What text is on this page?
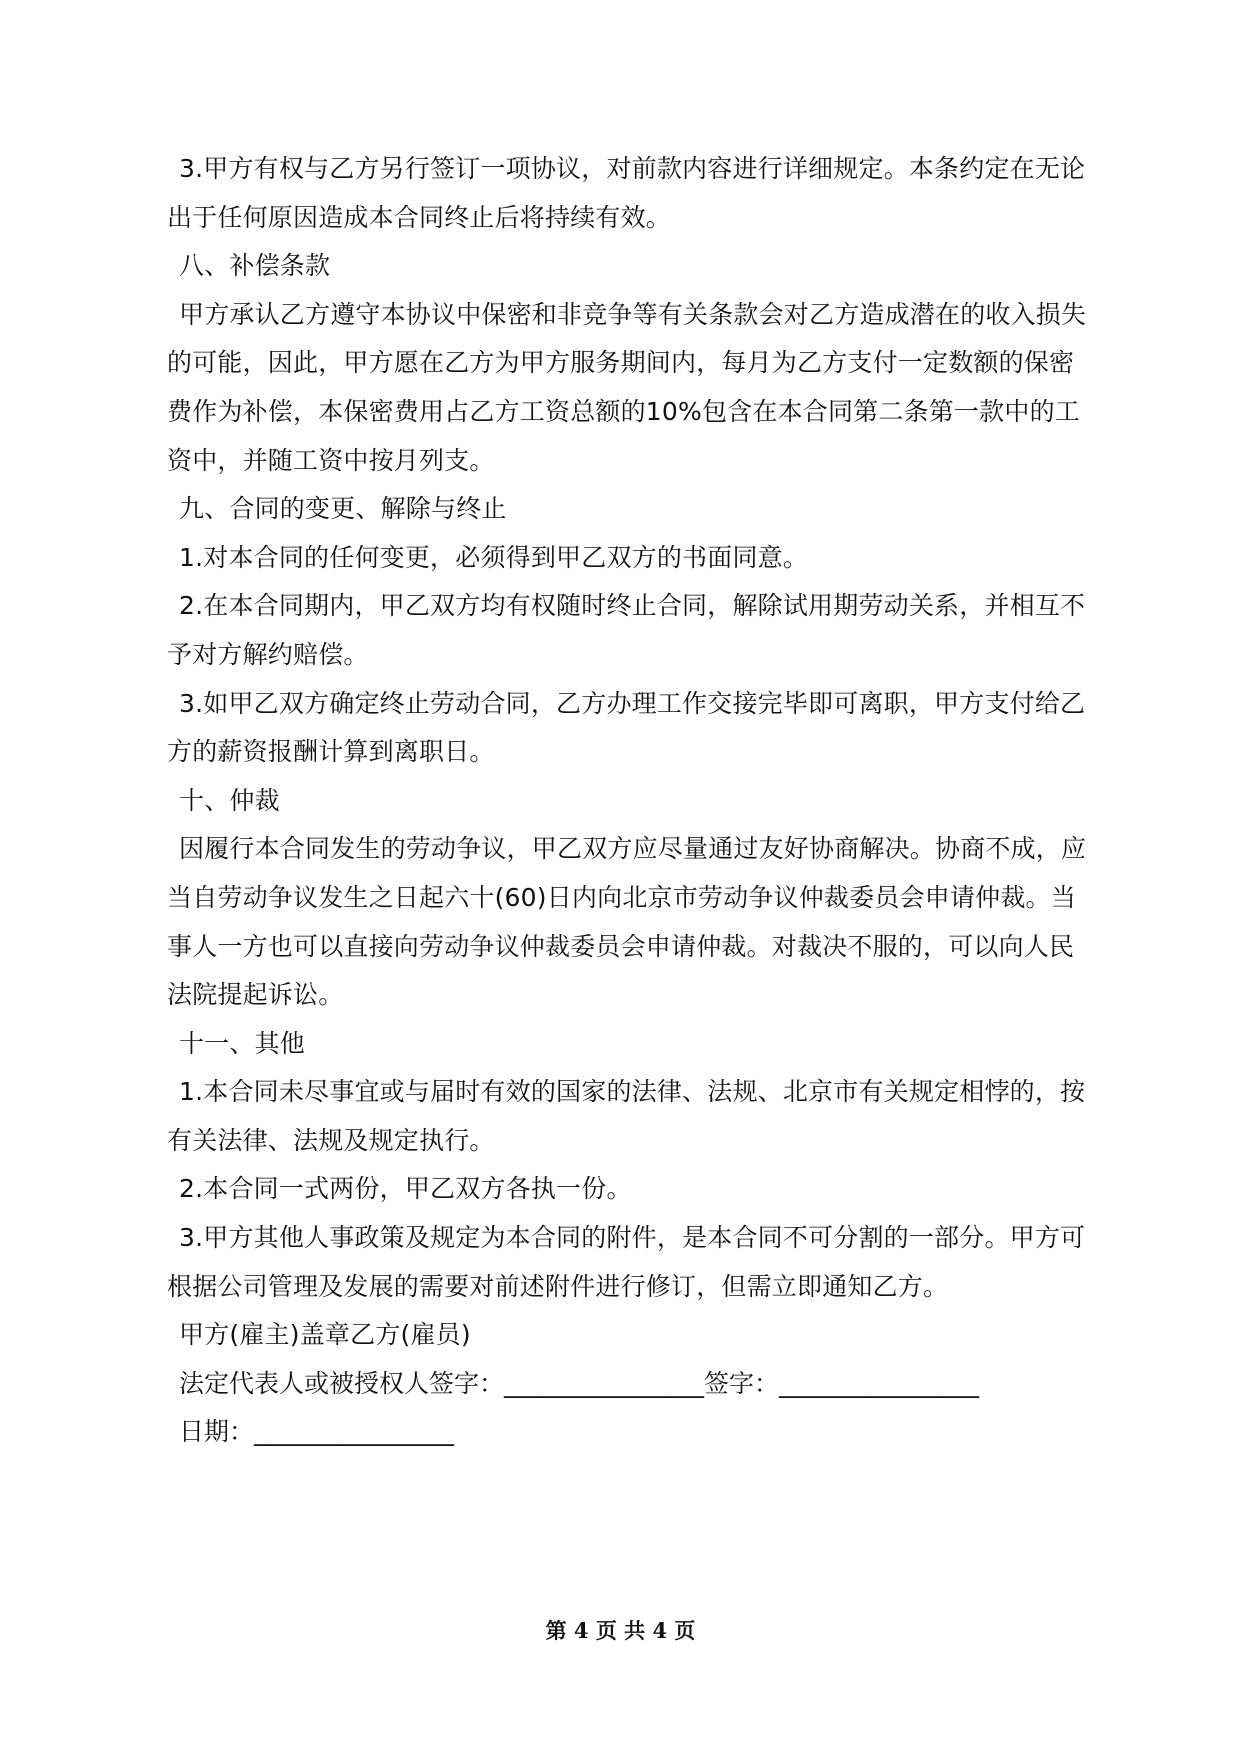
3.甲方有权与乙方另行签订一项协议，对前款内容进行详细规定。本条约定在无论出于任何原因造成本合同终止后将持续有效。

八、补偿条款

甲方承认乙方遵守本协议中保密和非竞争等有关条款会对乙方造成潜在的收入损失的可能，因此，甲方愿在乙方为甲方服务期间内，每月为乙方支付一定数额的保密费作为补偿，本保密费用占乙方工资总额的10%包含在本合同第二条第一款中的工资中，并随工资中按月列支。

九、合同的变更、解除与终止

1.对本合同的任何变更，必须得到甲乙双方的书面同意。

2.在本合同期内，甲乙双方均有权随时终止合同，解除试用期劳动关系，并相互不予对方解约赔偿。

3.如甲乙双方确定终止劳动合同，乙方办理工作交接完毕即可离职，甲方支付给乙方的薪资报酬计算到离职日。

十、仲裁

因履行本合同发生的劳动争议，甲乙双方应尽量通过友好协商解决。协商不成，应当自劳动争议发生之日起六十(60)日内向北京市劳动争议仲裁委员会申请仲裁。当事人一方也可以直接向劳动争议仲裁委员会申请仲裁。对裁决不服的，可以向人民法院提起诉讼。

十一、其他

1.本合同未尽事宜或与届时有效的国家的法律、法规、北京市有关规定相悖的，按有关法律、法规及规定执行。

2.本合同一式两份，甲乙双方各执一份。

3.甲方其他人事政策及规定为本合同的附件，是本合同不可分割的一部分。甲方可根据公司管理及发展的需要对前述附件进行修订，但需立即通知乙方。

甲方(雇主)盖章乙方(雇员)

法定代表人或被授权人签字：________________签字：________________

日期：________________

第 4 页 共 4 页
